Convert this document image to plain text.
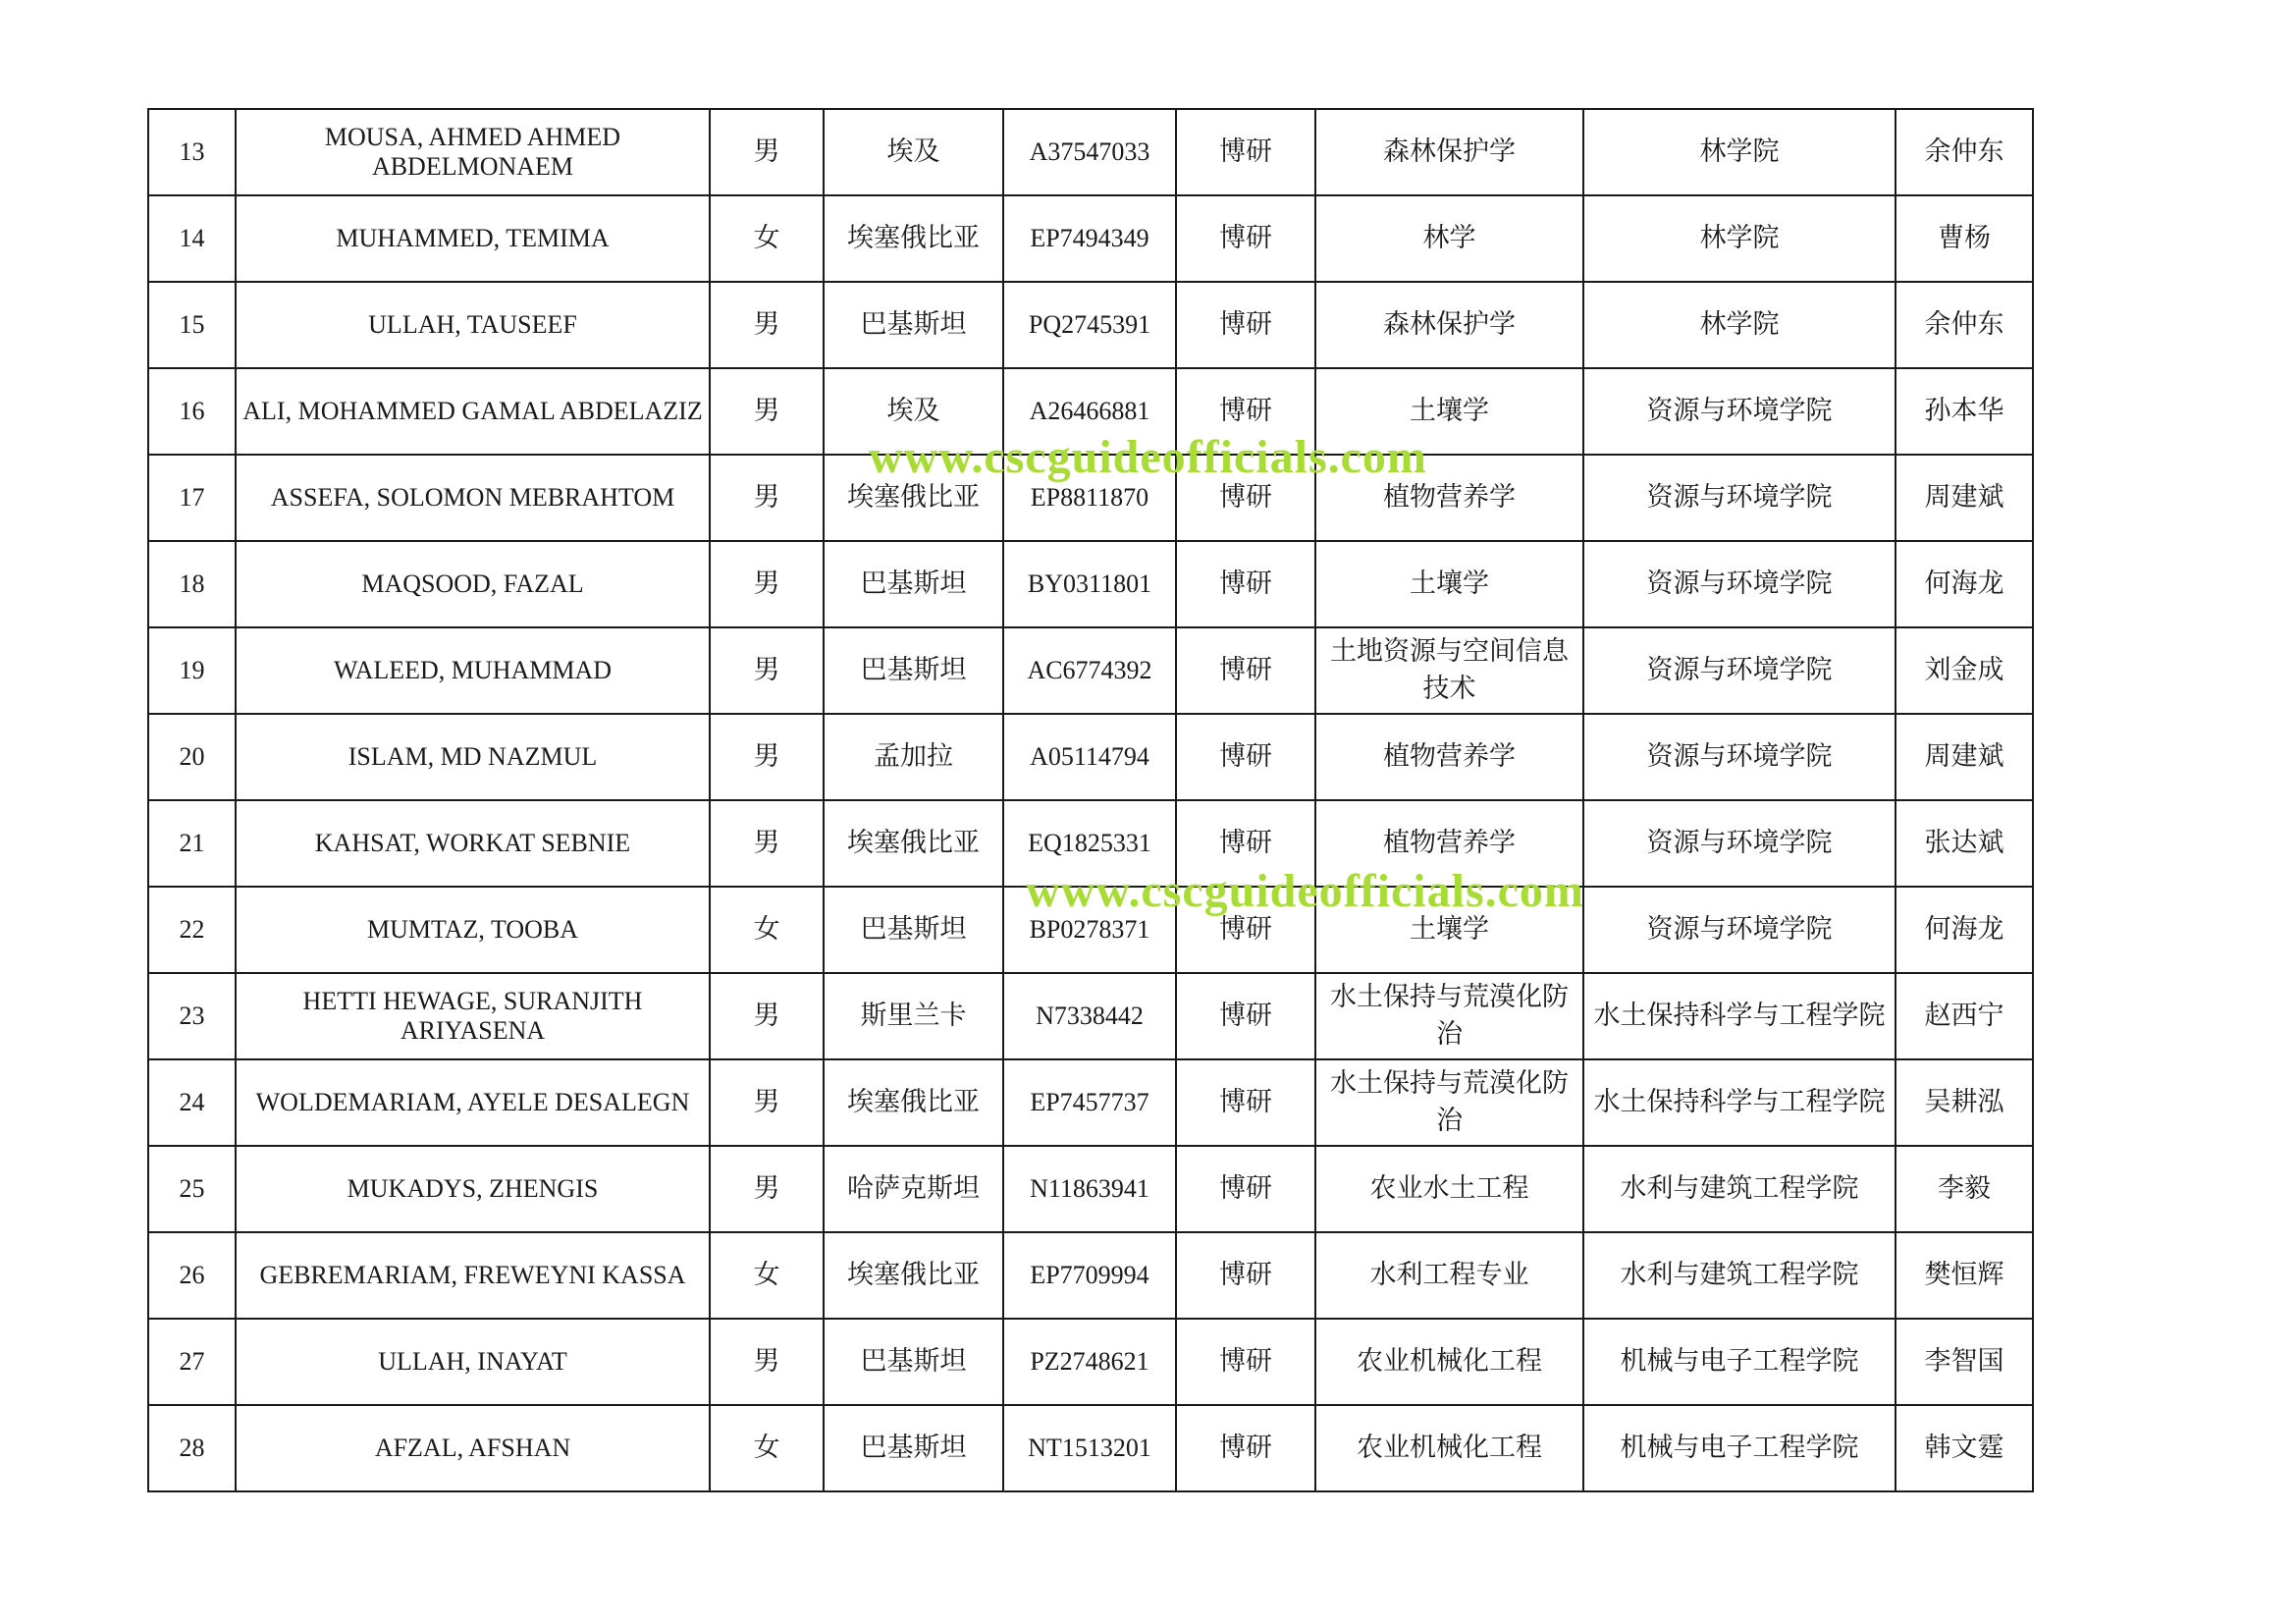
13	MOUSA, AHMED AHMED ABDELMONAEM	男	埃及	A37547033	博研	森林保护学	林学院	余仲东
14	MUHAMMED, TEMIMA	女	埃塞俄比亚	EP7494349	博研	林学	林学院	曹杨
15	ULLAH, TAUSEEF	男	巴基斯坦	PQ2745391	博研	森林保护学	林学院	余仲东
16	ALI, MOHAMMED GAMAL ABDELAZIZ	男	埃及	A26466881	博研	土壤学	资源与环境学院	孙本华
17	ASSEFA, SOLOMON MEBRAHTOM	男	埃塞俄比亚	EP8811870	博研	植物营养学	资源与环境学院	周建斌
18	MAQSOOD, FAZAL	男	巴基斯坦	BY0311801	博研	土壤学	资源与环境学院	何海龙
19	WALEED, MUHAMMAD	男	巴基斯坦	AC6774392	博研	土地资源与空间信息技术	资源与环境学院	刘金成
20	ISLAM, MD NAZMUL	男	孟加拉	A05114794	博研	植物营养学	资源与环境学院	周建斌
21	KAHSAT, WORKAT SEBNIE	男	埃塞俄比亚	EQ1825331	博研	植物营养学	资源与环境学院	张达斌
22	MUMTAZ, TOOBA	女	巴基斯坦	BP0278371	博研	土壤学	资源与环境学院	何海龙
23	HETTI HEWAGE, SURANJITH ARIYASENA	男	斯里兰卡	N7338442	博研	水土保持与荒漠化防治	水土保持科学与工程学院	赵西宁
24	WOLDEMARIAM, AYELE DESALEGN	男	埃塞俄比亚	EP7457737	博研	水土保持与荒漠化防治	水土保持科学与工程学院	吴耕泓
25	MUKADYS, ZHENGIS	男	哈萨克斯坦	N11863941	博研	农业水土工程	水利与建筑工程学院	李毅
26	GEBREMARIAM, FREWEYNI KASSA	女	埃塞俄比亚	EP7709994	博研	水利工程专业	水利与建筑工程学院	樊恒辉
27	ULLAH, INAYAT	男	巴基斯坦	PZ2748621	博研	农业机械化工程	机械与电子工程学院	李智国
28	AFZAL, AFSHAN	女	巴基斯坦	NT1513201	博研	农业机械化工程	机械与电子工程学院	韩文霆
www.cscguideofficials.com
www.cscguideofficials.com
